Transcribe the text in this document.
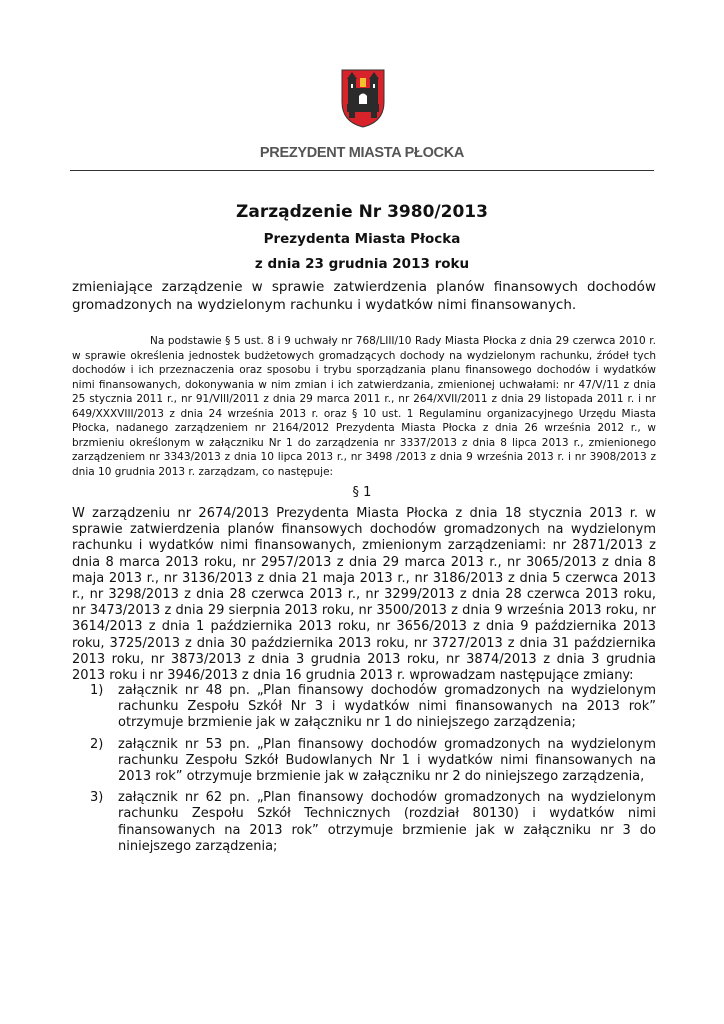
PREZYDENT MIASTA PŁOCKA
Zarządzenie Nr 3980/2013
Prezydenta Miasta Płocka
z dnia 23 grudnia 2013 roku
zmieniające zarządzenie w sprawie zatwierdzenia planów finansowych dochodów gromadzonych na wydzielonym rachunku i wydatków nimi finansowanych.
Na podstawie § 5 ust. 8 i 9 uchwały nr 768/LIII/10 Rady Miasta Płocka z dnia 29 czerwca 2010 r. w sprawie określenia jednostek budżetowych gromadzących dochody na wydzielonym rachunku, źródeł tych dochodów i ich przeznaczenia oraz sposobu i trybu sporządzania planu finansowego dochodów i wydatków nimi finansowanych, dokonywania w nim zmian i ich zatwierdzania, zmienionej uchwałami: nr 47/V/11 z dnia 25 stycznia 2011 r., nr 91/VIII/2011 z dnia 29 marca 2011 r., nr 264/XVII/2011 z dnia 29 listopada 2011 r. i nr 649/XXXVIII/2013 z dnia 24 września 2013 r. oraz § 10 ust. 1 Regulaminu organizacyjnego Urzędu Miasta Płocka, nadanego zarządzeniem nr 2164/2012 Prezydenta Miasta Płocka z dnia 26 września 2012 r., w brzmieniu określonym w załączniku Nr 1 do zarządzenia nr 3337/2013 z dnia 8 lipca 2013 r., zmienionego zarządzeniem nr 3343/2013 z dnia 10 lipca 2013 r., nr 3498 /2013 z dnia 9 września 2013 r. i nr 3908/2013 z dnia 10 grudnia 2013 r. zarządzam, co następuje:
§ 1
W zarządzeniu nr 2674/2013 Prezydenta Miasta Płocka z dnia 18 stycznia 2013 r. w sprawie zatwierdzenia planów finansowych dochodów gromadzonych na wydzielonym rachunku i wydatków nimi finansowanych, zmienionym zarządzeniami: nr 2871/2013 z dnia 8 marca 2013 roku, nr 2957/2013 z dnia 29 marca 2013 r., nr 3065/2013 z dnia 8 maja 2013 r., nr 3136/2013 z dnia 21 maja 2013 r., nr 3186/2013 z dnia 5 czerwca 2013 r., nr 3298/2013 z dnia 28 czerwca 2013 r., nr 3299/2013 z dnia 28 czerwca 2013 roku, nr 3473/2013 z dnia 29 sierpnia 2013 roku, nr 3500/2013 z dnia 9 września 2013 roku, nr 3614/2013 z dnia 1 października 2013 roku, nr 3656/2013 z dnia 9 października 2013 roku, 3725/2013 z dnia 30 października 2013 roku, nr 3727/2013 z dnia 31 października 2013 roku, nr 3873/2013 z dnia 3 grudnia 2013 roku, nr 3874/2013 z dnia 3 grudnia 2013 roku i nr 3946/2013 z dnia 16 grudnia 2013 r. wprowadzam następujące zmiany:
1)	załącznik nr 48 pn. „Plan finansowy dochodów gromadzonych na wydzielonym rachunku Zespołu Szkół Nr 3 i wydatków nimi finansowanych na 2013 rok” otrzymuje brzmienie jak w załączniku nr 1 do niniejszego zarządzenia;
2)	załącznik nr 53 pn. „Plan finansowy dochodów gromadzonych na wydzielonym rachunku Zespołu Szkół Budowlanych Nr 1 i wydatków nimi finansowanych na 2013 rok” otrzymuje brzmienie jak w załączniku nr 2 do niniejszego zarządzenia,
3)	załącznik nr 62 pn. „Plan finansowy dochodów gromadzonych na wydzielonym rachunku Zespołu Szkół Technicznych (rozdział 80130) i wydatków nimi finansowanych na 2013 rok” otrzymuje brzmienie jak w załączniku nr 3 do niniejszego zarządzenia;
